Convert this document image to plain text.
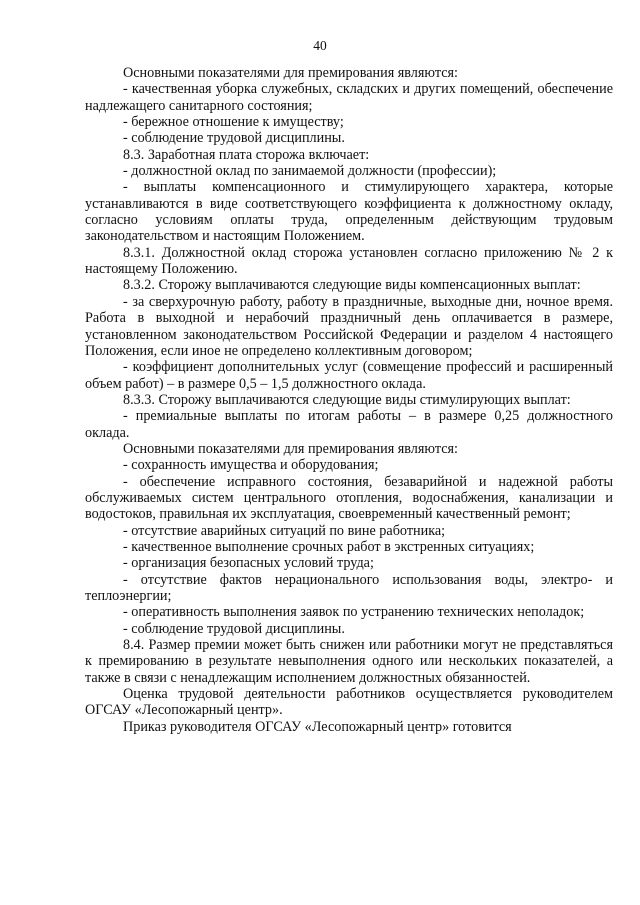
40

Основными показателями для премирования являются:

- качественная уборка служебных, складских и других помещений, обеспечение надлежащего санитарного состояния;

- бережное отношение к имуществу;

- соблюдение трудовой дисциплины.

8.3. Заработная плата сторожа включает:

- должностной оклад по занимаемой должности (профессии);

- выплаты компенсационного и стимулирующего характера, которые устанавливаются в виде соответствующего коэффициента к должностному окладу, согласно условиям оплаты труда, определенным действующим трудовым законодательством и настоящим Положением.

8.3.1. Должностной оклад сторожа установлен согласно приложению № 2 к настоящему Положению.

8.3.2. Сторожу выплачиваются следующие виды компенсационных выплат:

- за сверхурочную работу, работу в праздничные, выходные дни, ночное время. Работа в выходной и нерабочий праздничный день оплачивается в размере, установленном законодательством Российской Федерации и разделом 4 настоящего Положения, если иное не определено коллективным договором;

- коэффициент дополнительных услуг (совмещение профессий и расширенный объем работ) – в размере 0,5 – 1,5 должностного оклада.

8.3.3. Сторожу выплачиваются следующие виды стимулирующих выплат:

- премиальные выплаты по итогам работы – в размере 0,25 должностного оклада.

Основными показателями для премирования являются:

- сохранность имущества и оборудования;

- обеспечение исправного состояния, безаварийной и надежной работы обслуживаемых систем центрального отопления, водоснабжения, канализации и водостоков, правильная их эксплуатация, своевременный качественный ремонт;

- отсутствие аварийных ситуаций по вине работника;

- качественное выполнение срочных работ в экстренных ситуациях;

- организация безопасных условий труда;

- отсутствие фактов нерационального использования воды, электро- и теплоэнергии;

- оперативность выполнения заявок по устранению технических неполадок;

- соблюдение трудовой дисциплины.

8.4. Размер премии может быть снижен или работники могут не представляться к премированию в результате невыполнения одного или нескольких показателей, а также в связи с ненадлежащим исполнением должностных обязанностей.

Оценка трудовой деятельности работников осуществляется руководителем ОГСАУ «Лесопожарный центр».

Приказ руководителя ОГСАУ «Лесопожарный центр» готовится
